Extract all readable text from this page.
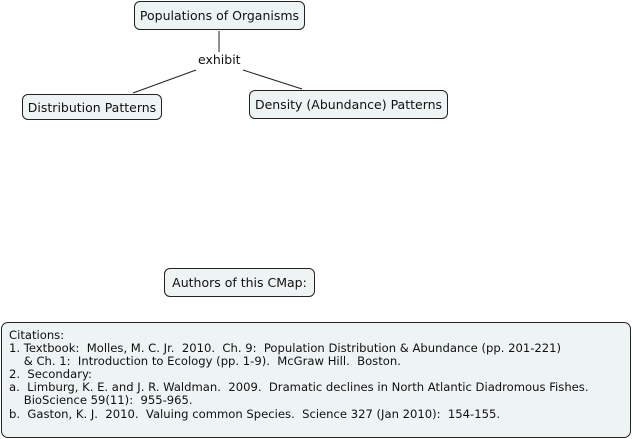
Populations of Organisms
exhibit
Distribution Patterns	Density (Abundance) Patterns
Authors of this CMap:
Citations:
1. Textbook:  Molles, M. C. Jr.  2010.  Ch. 9:  Population Distribution & Abundance (pp. 201-221)
& Ch. 1:  Introduction to Ecology (pp. 1-9).  McGraw Hill.  Boston.
2.  Secondary:
a.  Limburg, K. E. and J. R. Waldman.  2009.  Dramatic declines in North Atlantic Diadromous Fishes.
BioScience 59(11):  955-965.
b.  Gaston, K. J.  2010.  Valuing common Species.  Science 327 (Jan 2010):  154-155.
